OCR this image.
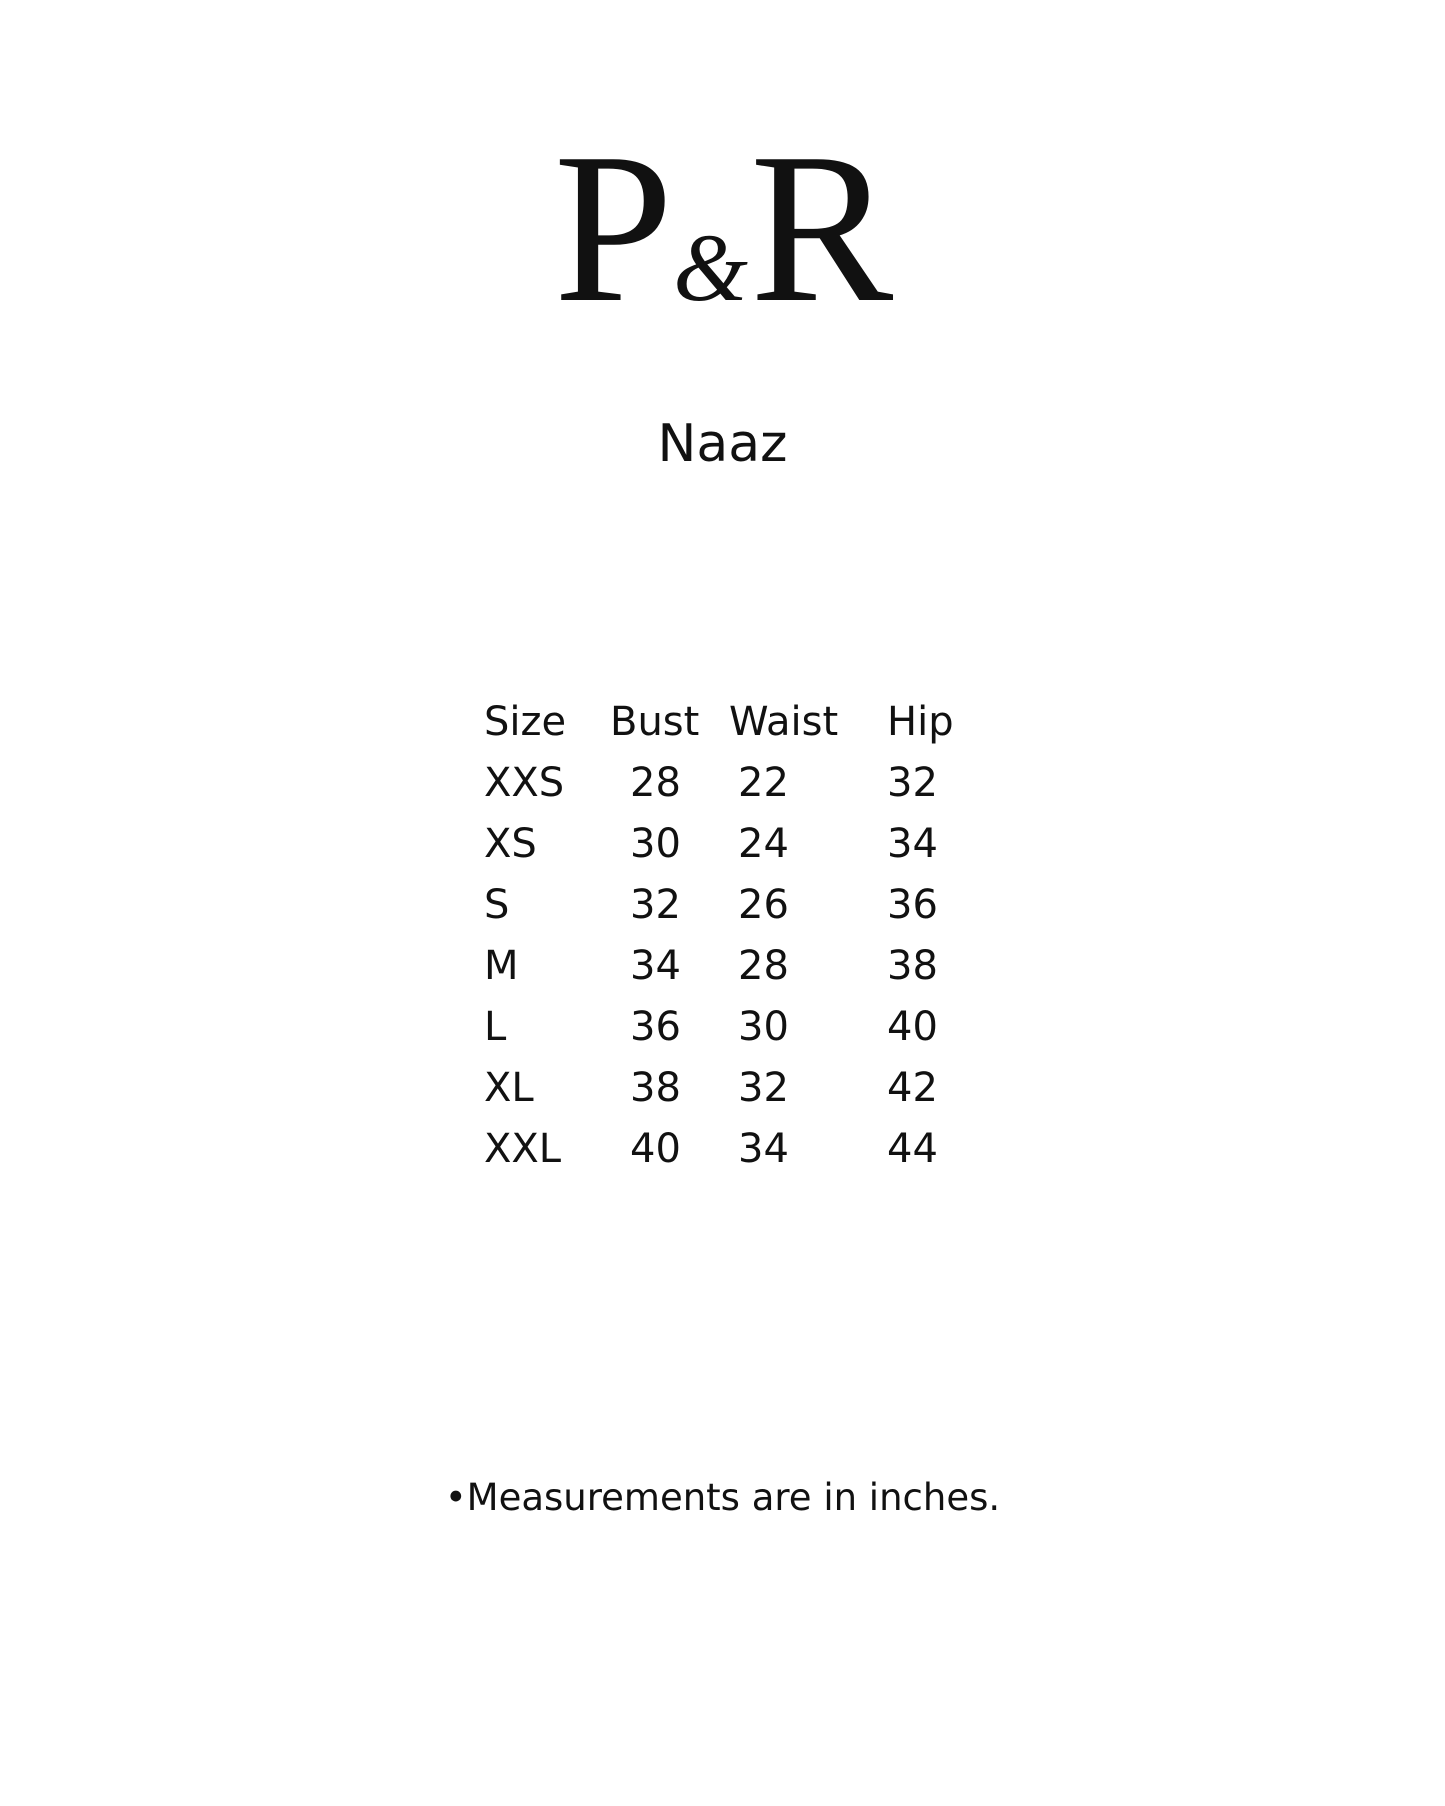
P&R
Naaz
Size Bust Waist Hip
XXS 28 22 32
XS 30 24 34
S	32 26 36
M	34 28 38
L	36 30 40
XL 38 32 42
XXL 40 34 44
•Measurements are in inches.
